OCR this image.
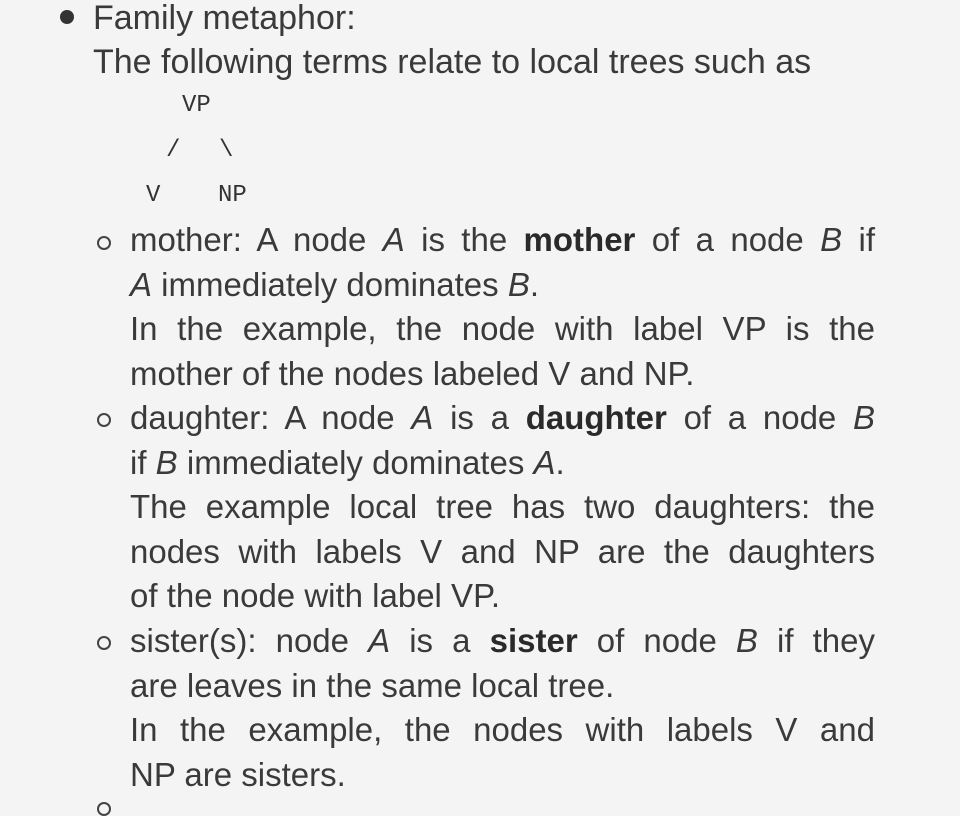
Family metaphor:
The following terms relate to local trees such as
VP
/ \
V NP
mother: A node A is the mother of a node B if
A immediately dominates B.
In the example, the node with label VP is the
mother of the nodes labeled V and NP.
daughter: A node A is a daughter of a node B
if B immediately dominates A.
The example local tree has two daughters: the
nodes with labels V and NP are the daughters
of the node with label VP.
sister(s): node A is a sister of node B if they
are leaves in the same local tree.
In the example, the nodes with labels V and
NP are sisters.
